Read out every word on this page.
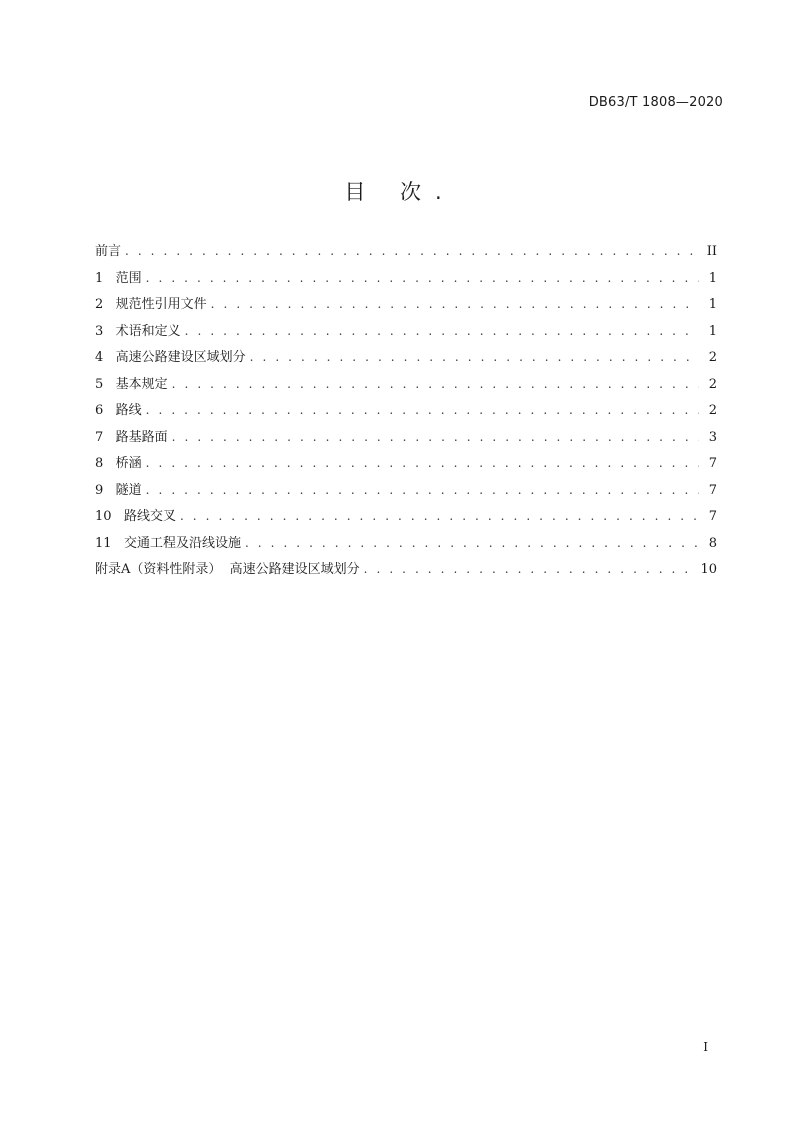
DB63/T 1808—2020
目 次.
前言 . . .	II
1   范围 . . .	1
2   规范性引用文件 . . .	1
3   术语和定义 . . .	1
4   高速公路建设区域划分 . . .	2
5   基本规定 . . .	2
6   路线 . . .	2
7   路基路面 . . .	3
8   桥涵 . . .	7
9   隧道 . . .	7
10   路线交叉 . . .	7
11   交通工程及沿线设施 . . .	8
附录A（资料性附录）  高速公路建设区域划分 . . .	10
I
